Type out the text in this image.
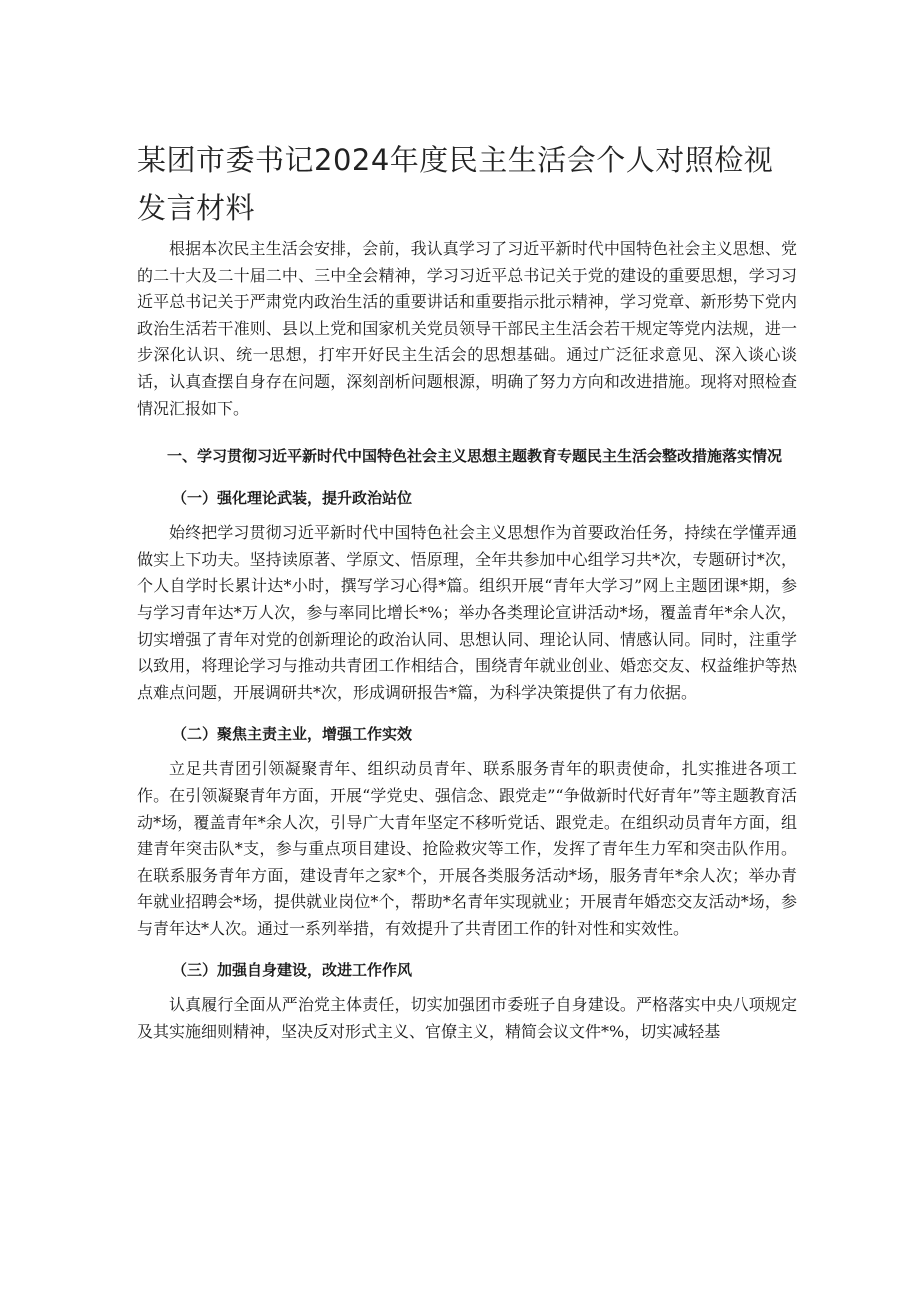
某团市委书记2024年度民主生活会个人对照检视发言材料

根据本次民主生活会安排，会前，我认真学习了习近平新时代中国特色社会主义思想、党的二十大及二十届二中、三中全会精神，学习习近平总书记关于党的建设的重要思想，学习习近平总书记关于严肃党内政治生活的重要讲话和重要指示批示精神，学习党章、新形势下党内政治生活若干准则、县以上党和国家机关党员领导干部民主生活会若干规定等党内法规，进一步深化认识、统一思想，打牢开好民主生活会的思想基础。通过广泛征求意见、深入谈心谈话，认真查摆自身存在问题，深刻剖析问题根源，明确了努力方向和改进措施。现将对照检查情况汇报如下。

一、学习贯彻习近平新时代中国特色社会主义思想主题教育专题民主生活会整改措施落实情况

（一）强化理论武装，提升政治站位

始终把学习贯彻习近平新时代中国特色社会主义思想作为首要政治任务，持续在学懂弄通做实上下功夫。坚持读原著、学原文、悟原理，全年共参加中心组学习共*次，专题研讨*次，个人自学时长累计达*小时，撰写学习心得*篇。组织开展“青年大学习”网上主题团课*期，参与学习青年达*万人次，参与率同比增长*%；举办各类理论宣讲活动*场，覆盖青年*余人次，切实增强了青年对党的创新理论的政治认同、思想认同、理论认同、情感认同。同时，注重学以致用，将理论学习与推动共青团工作相结合，围绕青年就业创业、婚恋交友、权益维护等热点难点问题，开展调研共*次，形成调研报告*篇，为科学决策提供了有力依据。

（二）聚焦主责主业，增强工作实效

立足共青团引领凝聚青年、组织动员青年、联系服务青年的职责使命，扎实推进各项工作。在引领凝聚青年方面，开展“学党史、强信念、跟党走”“争做新时代好青年”等主题教育活动*场，覆盖青年*余人次，引导广大青年坚定不移听党话、跟党走。在组织动员青年方面，组建青年突击队*支，参与重点项目建设、抢险救灾等工作，发挥了青年生力军和突击队作用。在联系服务青年方面，建设青年之家*个，开展各类服务活动*场，服务青年*余人次；举办青年就业招聘会*场，提供就业岗位*个，帮助*名青年实现就业；开展青年婚恋交友活动*场，参与青年达*人次。通过一系列举措，有效提升了共青团工作的针对性和实效性。

（三）加强自身建设，改进工作作风

认真履行全面从严治党主体责任，切实加强团市委班子自身建设。严格落实中央八项规定及其实施细则精神，坚决反对形式主义、官僚主义，精简会议文件*%，切实减轻基
